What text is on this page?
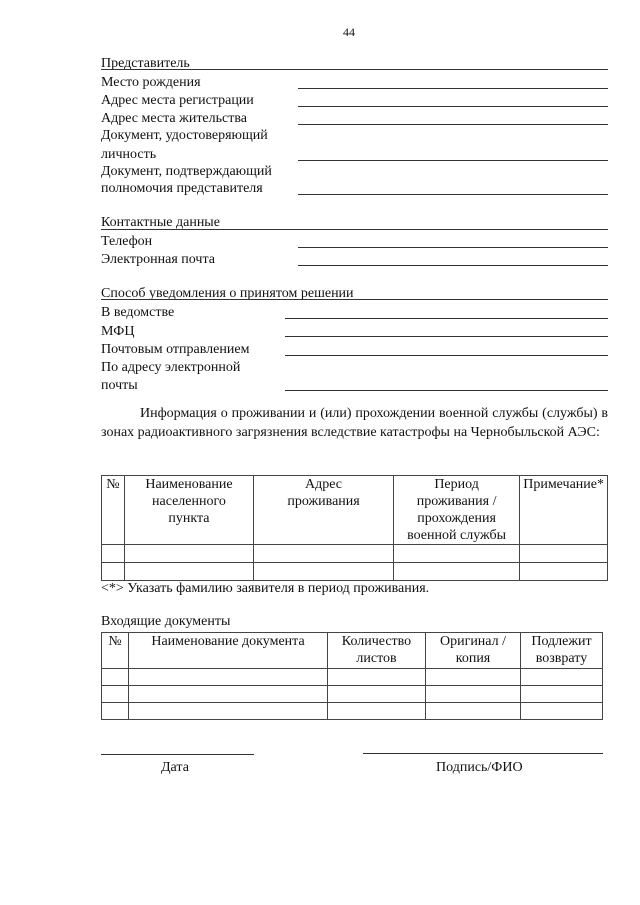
44
Представитель
Место рождения
Адрес места регистрации
Адрес места жительства
Документ, удостоверяющий
личность
Документ, подтверждающий
полномочия представителя
Контактные данные
Телефон
Электронная почта
Способ уведомления о принятом решении
В ведомстве
МФЦ
Почтовым отправлением
По адресу электронной
почты
Информация о проживании и (или) прохождении военной службы (службы) в зонах радиоактивного загрязнения вследствие катастрофы на Чернобыльской АЭС:
№	Наименование населенного пункта	Адрес проживания	Период проживания /прохождения военной службы	Примечание*

<*> Указать фамилию заявителя в период проживания.
Входящие документы
№	Наименование документа	Количество листов	Оригинал /копия	Подлежит возврату

Дата	Подпись/ФИО
